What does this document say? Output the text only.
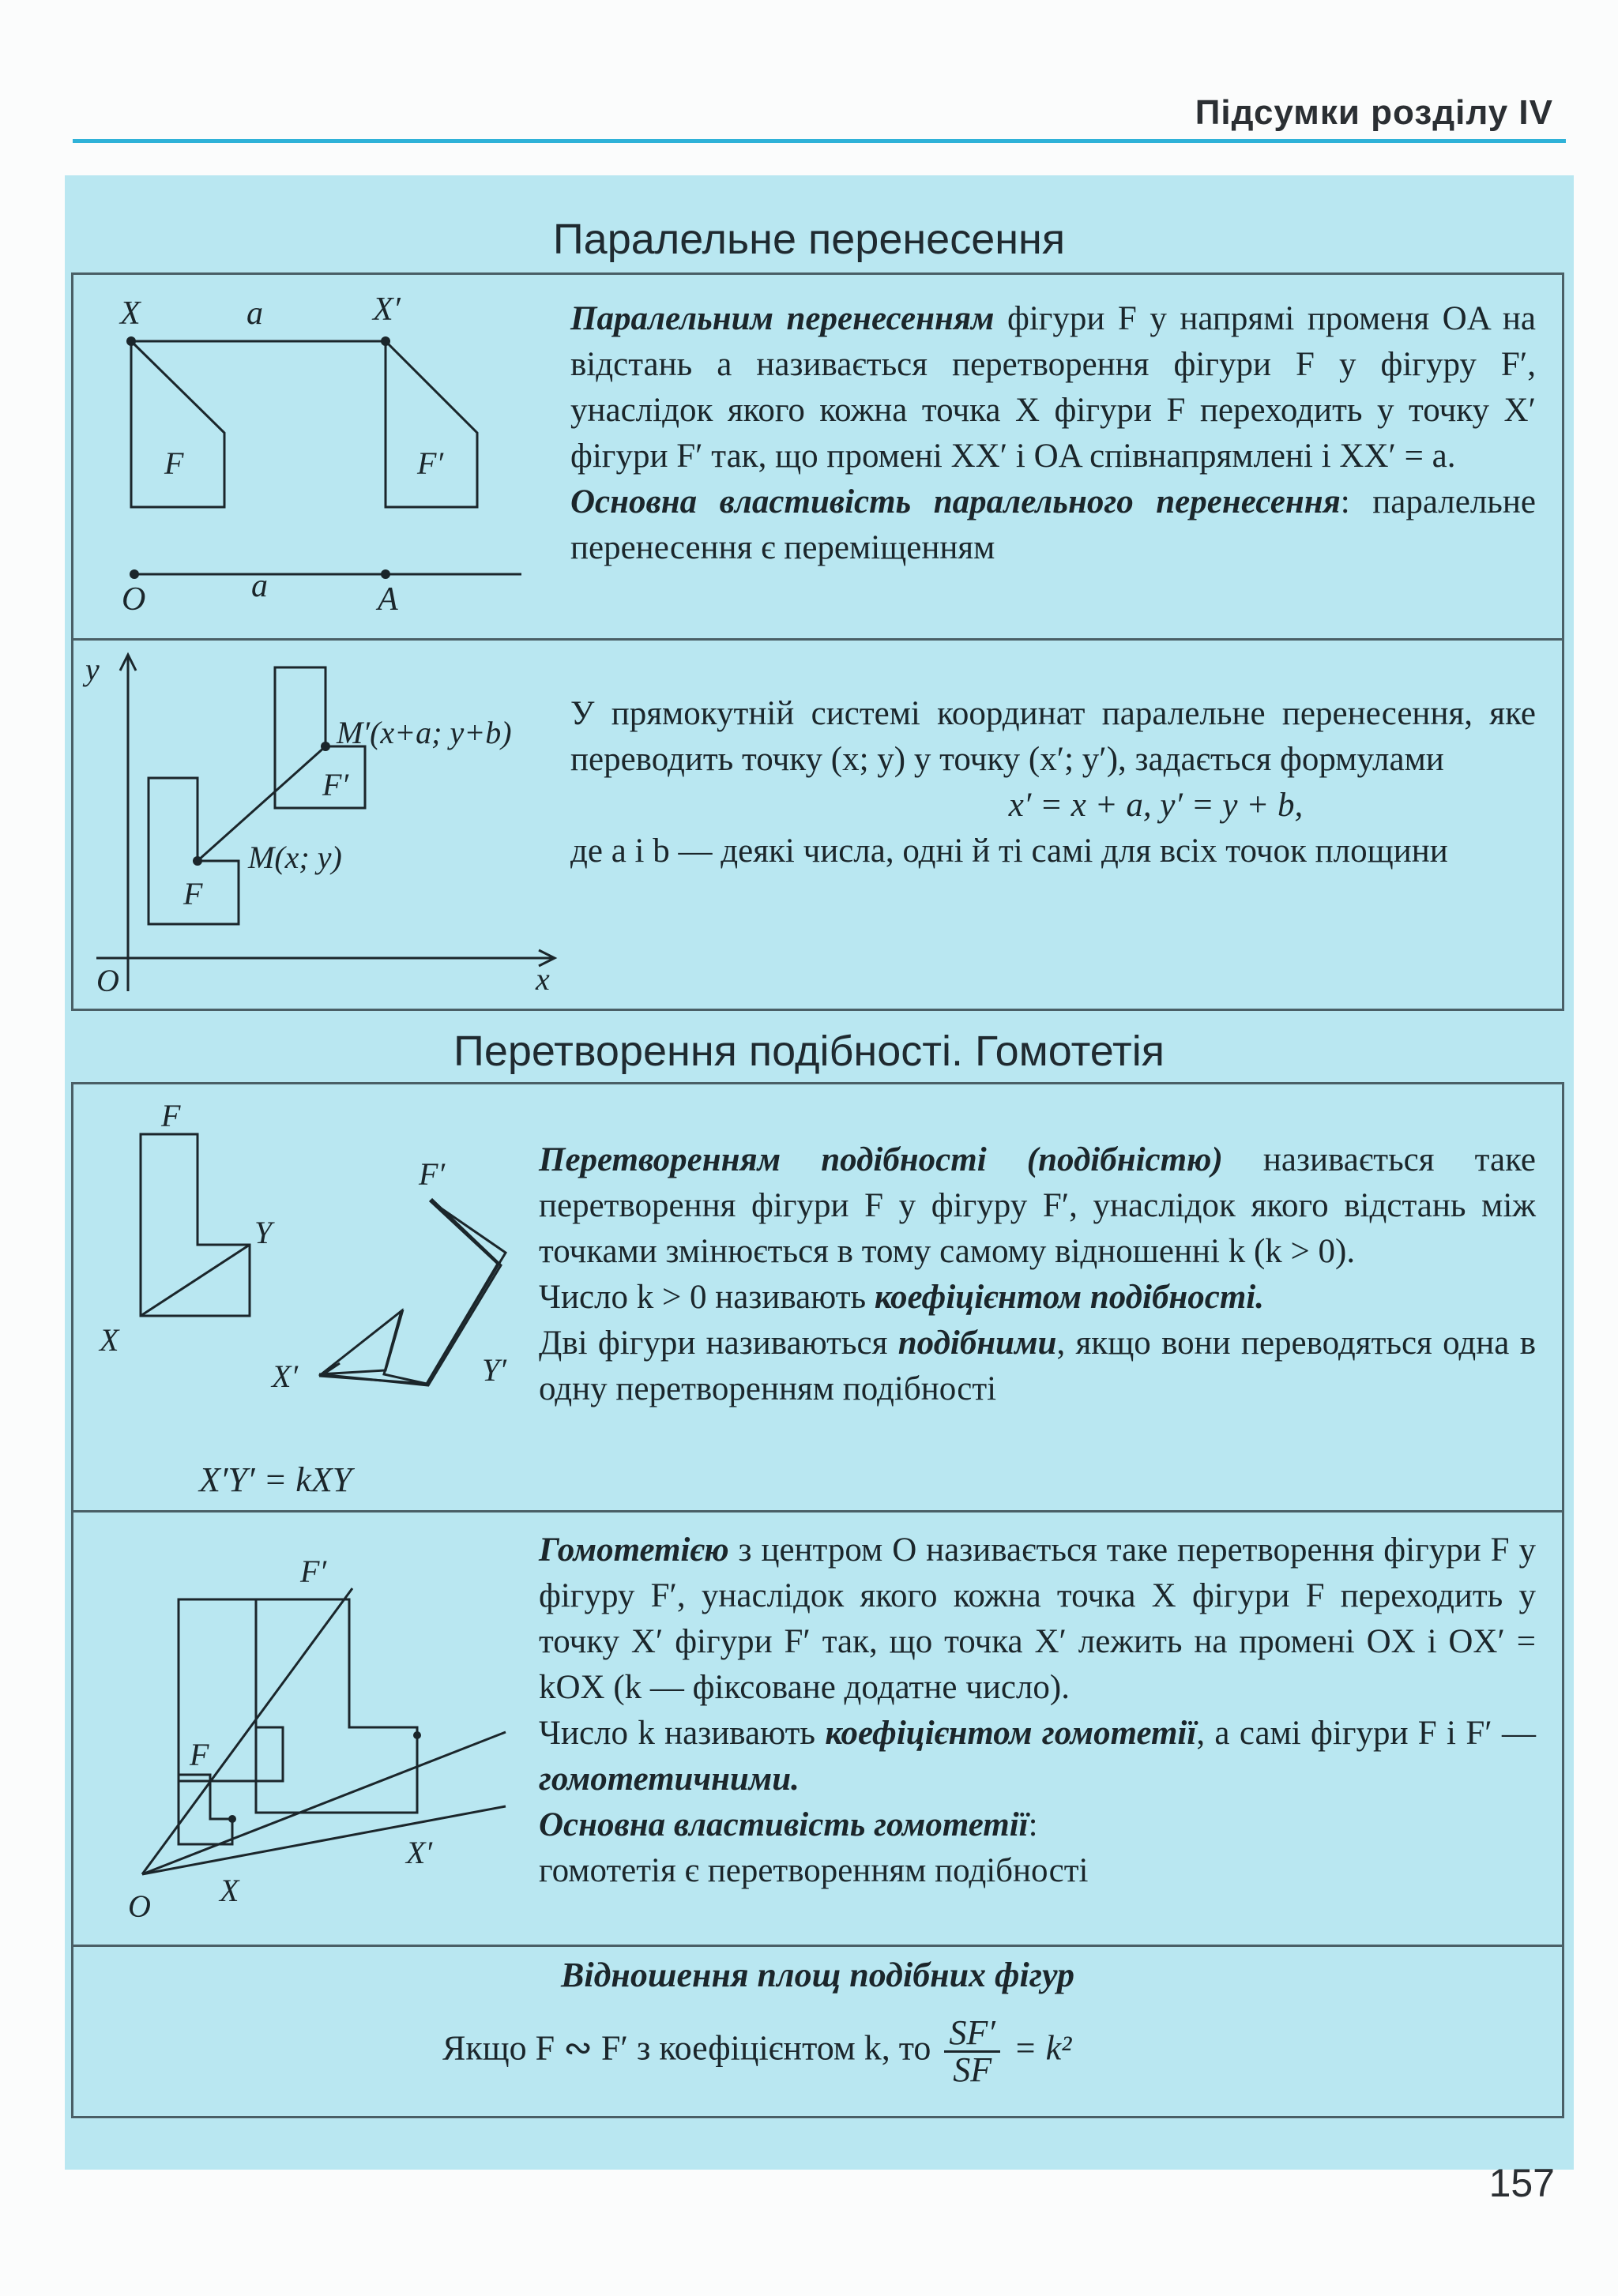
Підсумки розділу IV
Паралельне перенесення
X	a	X′
F	F′
O	a	A

Паралельним перенесенням фігури F у напрямі променя OA на відстань a називається перетворення фігури F у фігуру F′, унаслідок якого кожна точка X фігури F переходить у точку X′ фігури F′ так, що промені XX′ і OA співнапрямлені і XX′ = a.

Основна властивість паралельного перенесення: паралельне перенесення є переміщенням

y
M′(x+a; y+b)
F′
M(x; y)
F
O	x

У прямокутній системі координат паралельне перенесення, яке переводить точку (x; y) у точку (x′; y′), задається формулами

x′ = x + a, y′ = y + b,

де a і b — деякі числа, одні й ті самі для всіх точок площини

Перетворення подібності. Гомотетія
F
Y
X
F′
X′	Y′
X′Y′ = kXY

Перетворенням подібності (подібністю) називається таке перетворення фігури F у фігуру F′, унаслідок якого відстань між точками змінюється в тому самому відношенні k (k > 0).

Число k > 0 називають коефіцієнтом подібності.

Дві фігури називаються подібними, якщо вони переводяться одна в одну перетворенням подібності

F′
F
O X
X′

Гомотетією з центром O називається таке перетворення фігури F у фігуру F′, унаслідок якого кожна точка X фігури F переходить у точку X′ фігури F′ так, що точка X′ лежить на промені OX і OX′ = kOX (k — фіксоване додатне число).

Число k називають коефіцієнтом гомотетії, а самі фігури F і F′ — гомотетичними.

Основна властивість гомотетії:

гомотетія є перетворенням подібності

Відношення площ подібних фігур
Якщо F ∾ F′ з коефіцієнтом k, то $\frac{SF'}{SF} = k^2$
157
